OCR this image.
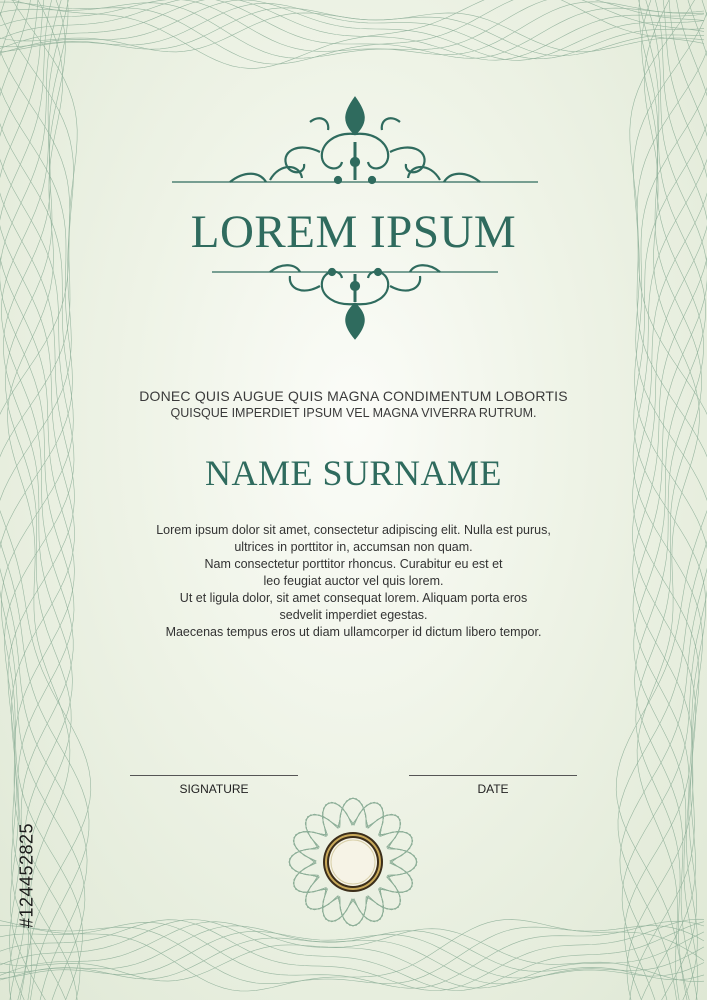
LOREM IPSUM
DONEC QUIS AUGUE QUIS MAGNA CONDIMENTUM LOBORTIS
QUISQUE IMPERDIET IPSUM VEL MAGNA VIVERRA RUTRUM.
NAME SURNAME
Lorem ipsum dolor sit amet, consectetur adipiscing elit. Nulla est purus,
ultrices in porttitor in, accumsan non quam.
Nam consectetur porttitor rhoncus. Curabitur eu est et
leo feugiat auctor vel quis lorem.
Ut et ligula dolor, sit amet consequat lorem. Aliquam porta eros
sedvelit imperdiet egestas.
Maecenas tempus eros ut diam ullamcorper id dictum libero tempor.
SIGNATURE	DATE
#124452825
